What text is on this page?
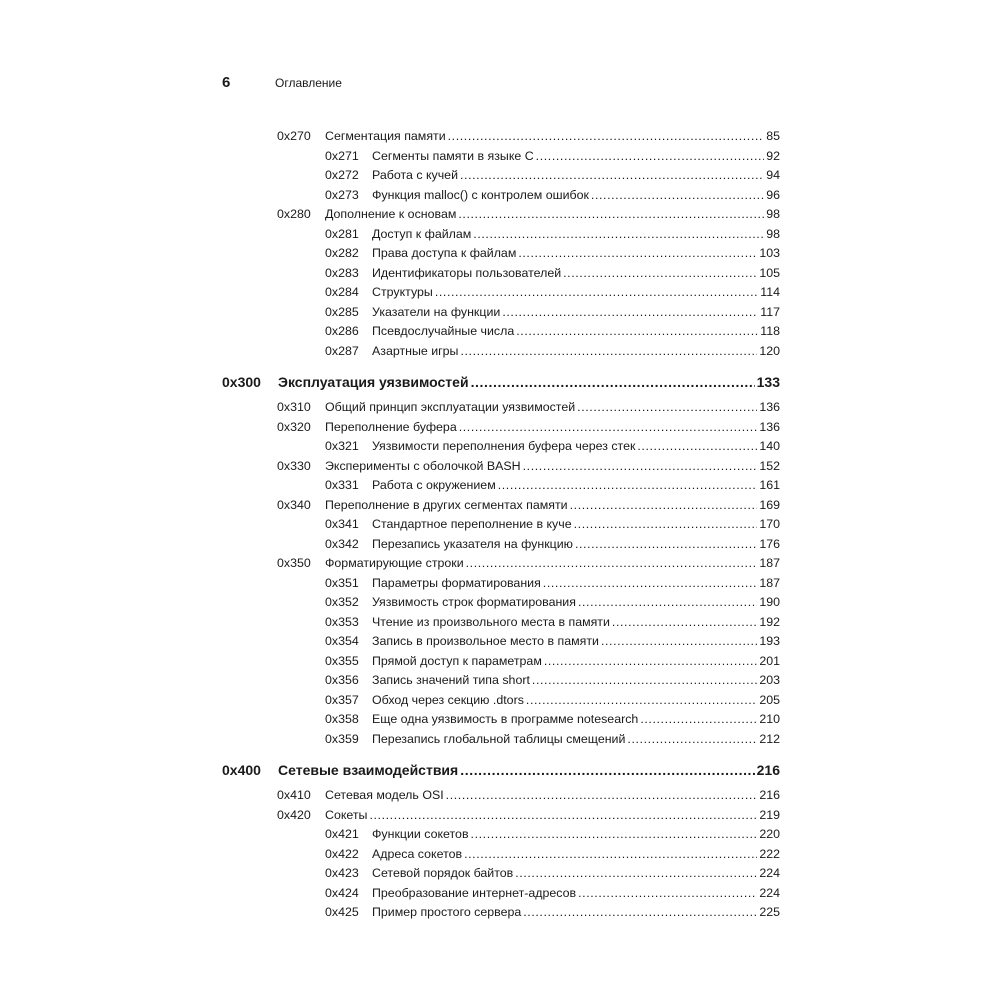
6	Оглавление
0x270	Сегментация памяти .....	85
0x271	Сегменты памяти в языке C .....	92
0x272	Работа с кучей .....	94
0x273	Функция malloc() с контролем ошибок .....	96
0x280	Дополнение к основам .....	98
0x281	Доступ к файлам .....	98
0x282	Права доступа к файлам .....	103
0x283	Идентификаторы пользователей .....	105
0x284	Структуры .....	114
0x285	Указатели на функции .....	117
0x286	Псевдослучайные числа .....	118
0x287	Азартные игры .....	120
0x300	Эксплуатация уязвимостей .....	133
0x310	Общий принцип эксплуатации уязвимостей .....	136
0x320	Переполнение буфера .....	136
0x321	Уязвимости переполнения буфера через стек .....	140
0x330	Эксперименты с оболочкой BASH .....	152
0x331	Работа с окружением .....	161
0x340	Переполнение в других сегментах памяти .....	169
0x341	Стандартное переполнение в куче .....	170
0x342	Перезапись указателя на функцию .....	176
0x350	Форматирующие строки .....	187
0x351	Параметры форматирования .....	187
0x352	Уязвимость строк форматирования .....	190
0x353	Чтение из произвольного места в памяти .....	192
0x354	Запись в произвольное место в памяти .....	193
0x355	Прямой доступ к параметрам .....	201
0x356	Запись значений типа short .....	203
0x357	Обход через секцию .dtors .....	205
0x358	Еще одна уязвимость в программе notesearch .....	210
0x359	Перезапись глобальной таблицы смещений .....	212
0x400	Сетевые взаимодействия .....	216
0x410	Сетевая модель OSI .....	216
0x420	Сокеты .....	219
0x421	Функции сокетов .....	220
0x422	Адреса сокетов .....	222
0x423	Сетевой порядок байтов .....	224
0x424	Преобразование интернет-адресов .....	224
0x425	Пример простого сервера .....	225
